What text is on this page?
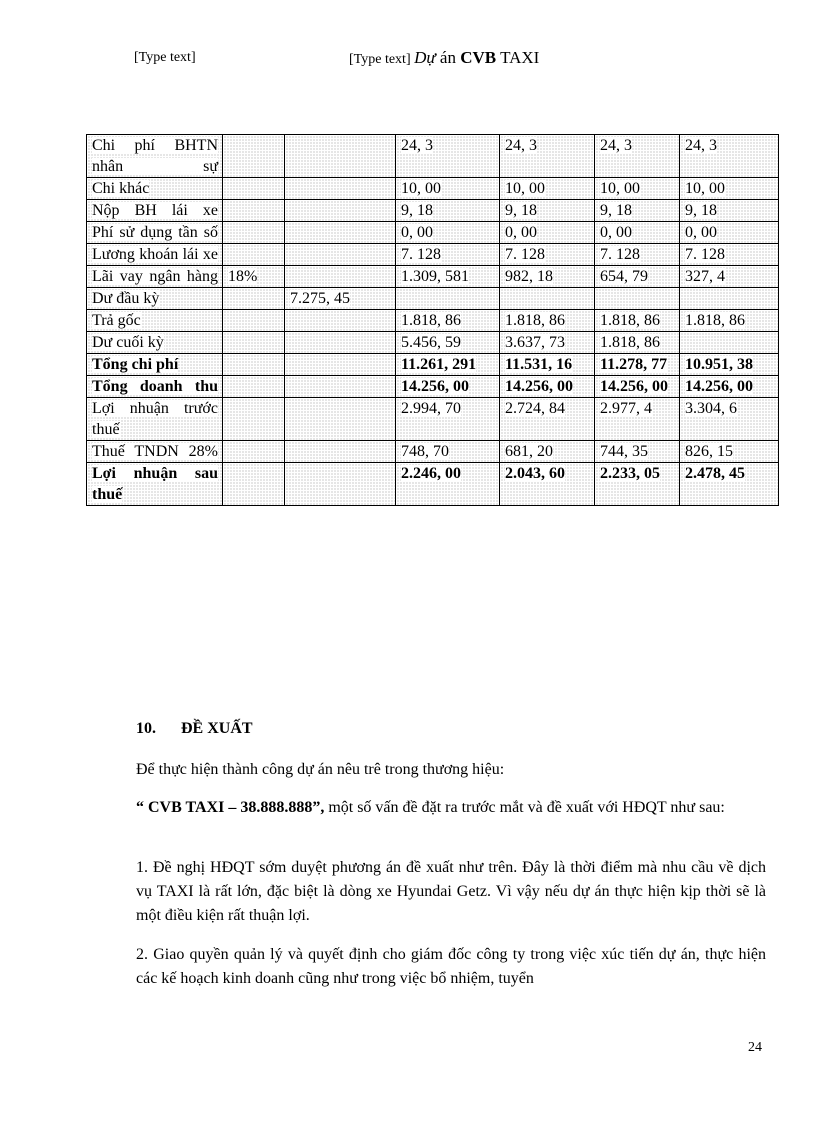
[Type text]	[Type text] Dự án CVB TAXI
Chi phí BHTN nhân sự			24, 3	24, 3	24, 3	24, 3
Chi khác			10, 00	10, 00	10, 00	10, 00
Nộp BH lái xe			9, 18	9, 18	9, 18	9, 18
Phí sử dụng tần số			0, 00	0, 00	0, 00	0, 00
Lương khoán lái xe			7. 128	7. 128	7. 128	7. 128
Lãi vay ngân hàng	18%		1.309, 581	982, 18	654, 79	327, 4
Dư đầu kỳ		7.275, 45				
Trả gốc			1.818, 86	1.818, 86	1.818, 86	1.818, 86
Dư cuối kỳ			5.456, 59	3.637, 73	1.818, 86	
Tổng chi phí			11.261, 291	11.531, 16	11.278, 77	10.951, 38
Tổng doanh thu			14.256, 00	14.256, 00	14.256, 00	14.256, 00
Lợi nhuận trước thuế			2.994, 70	2.724, 84	2.977, 4	3.304, 6
Thuế TNDN 28%			748, 70	681, 20	744, 35	826, 15
Lợi nhuận sau thuế			2.246, 00	2.043, 60	2.233, 05	2.478, 45
10. ĐỀ XUẤT
Để thực hiện thành công dự án nêu trê trong thương hiệu:
“ CVB TAXI – 38.888.888”, một số vấn đề đặt ra trước mắt và đề xuất với HĐQT như sau:
1. Đề nghị HĐQT sớm duyệt phương án đề xuất như trên. Đây là thời điểm mà nhu cầu về dịch vụ TAXI là rất lớn, đặc biệt là dòng xe Hyundai Getz. Vì vậy nếu dự án thực hiện kịp thời sẽ là một điều kiện rất thuận lợi.
2. Giao quyền quản lý và quyết định cho giám đốc công ty trong việc xúc tiến dự án, thực hiện các kế hoạch kinh doanh cũng như trong việc bổ nhiệm, tuyển
24
